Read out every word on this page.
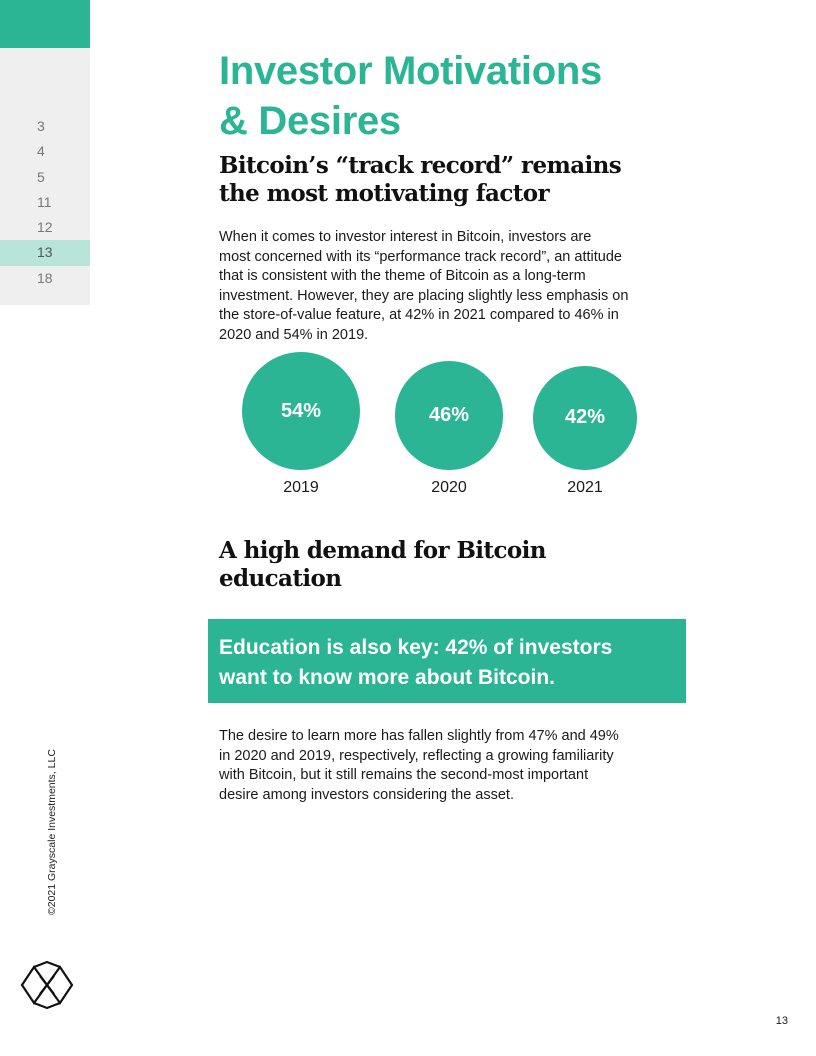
3
4
5
11
12
13
18
©2021 Grayscale Investments, LLC
Investor Motivations
& Desires
Bitcoin’s “track record” remains
the most motivating factor

When it comes to investor interest in Bitcoin, investors are
most concerned with its “performance track record”, an attitude
that is consistent with the theme of Bitcoin as a long-term
investment. However, they are placing slightly less emphasis on
the store-of-value feature, at 42% in 2021 compared to 46% in
2020 and 54% in 2019.

54%	46%	42%
2019	2020	2021
A high demand for Bitcoin
education

Education is also key: 42% of investors
want to know more about Bitcoin.

The desire to learn more has fallen slightly from 47% and 49%
in 2020 and 2019, respectively, reflecting a growing familiarity
with Bitcoin, but it still remains the second-most important
desire among investors considering the asset.

13
